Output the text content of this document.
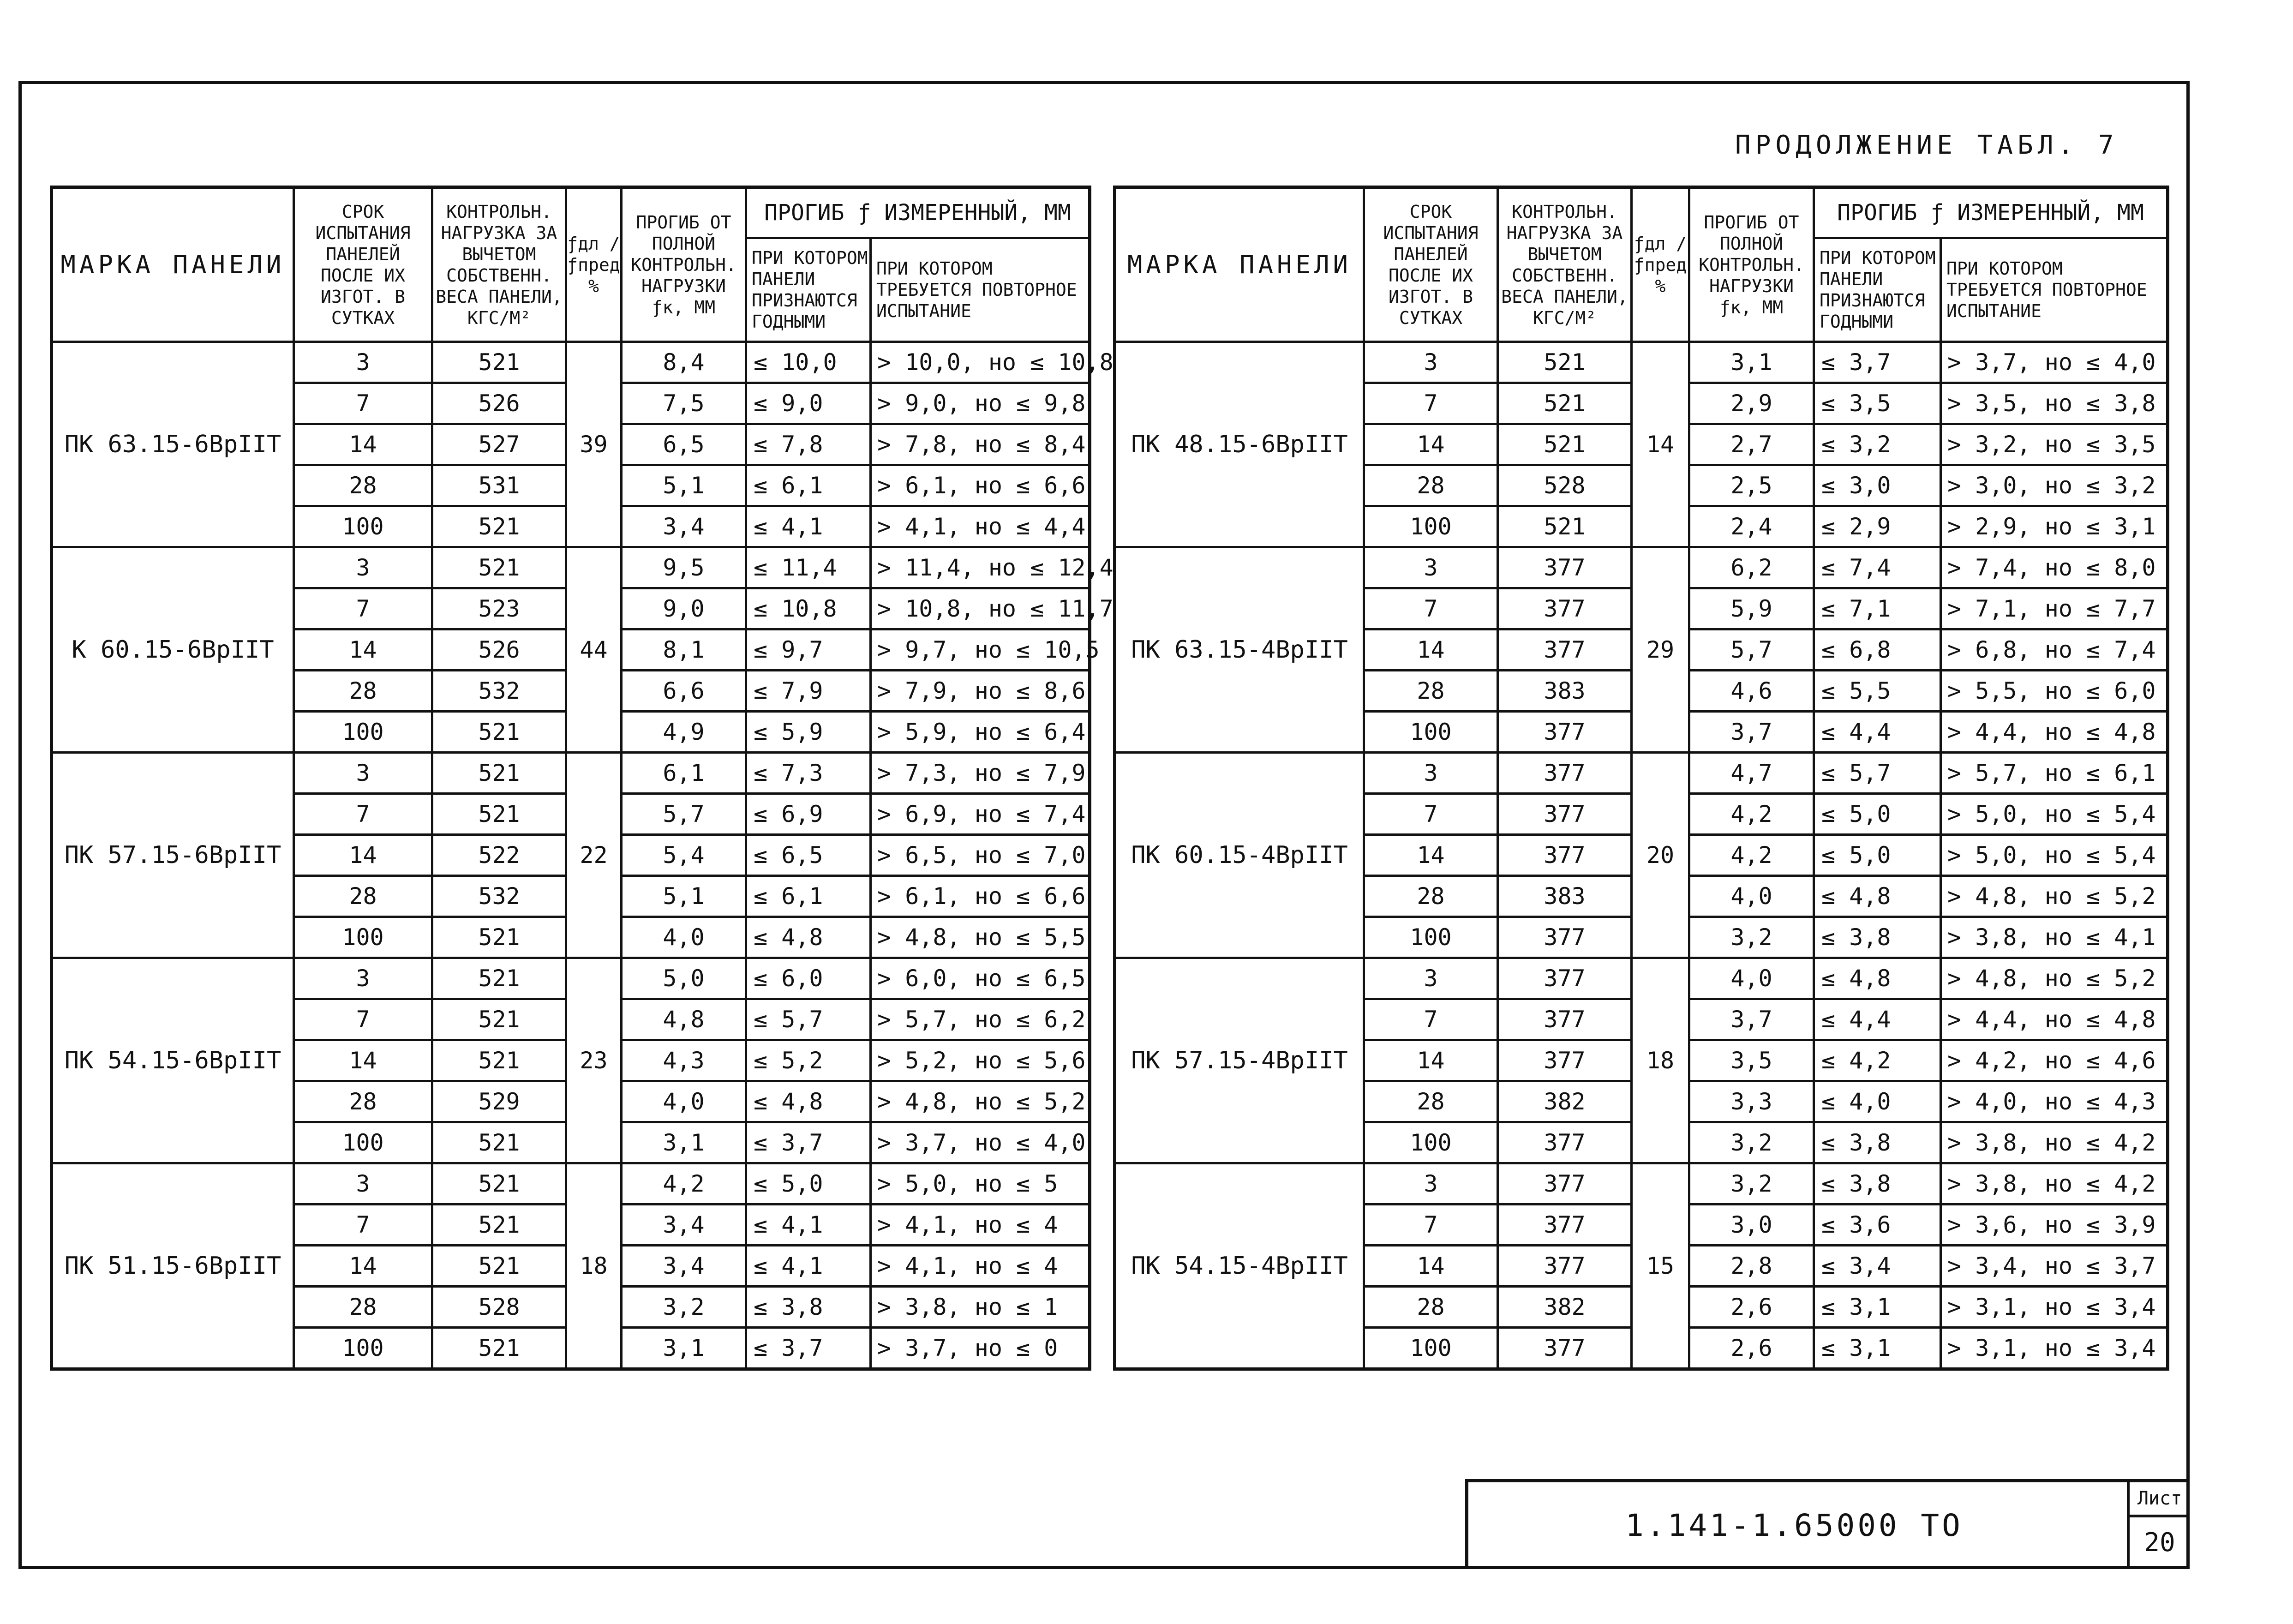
ПРОДОЛЖЕНИЕ ТАБЛ. 7
МАРКА ПАНЕЛИ	СРОК ИСПЫТАНИЯ ПАНЕЛЕЙ ПОСЛЕ ИХ ИЗГОТ. В СУТКАХ	КОНТРОЛЬН. НАГРУЗКА ЗА ВЫЧЕТОМ СОБСТВЕНН. ВЕСА ПАНЕЛИ, КГС/М²	ƒдл / ƒпред %	ПРОГИБ ОТ ПОЛНОЙ КОНТРОЛЬН. НАГРУЗКИ ƒк, ММ	ПРОГИБ ƒ ИЗМЕРЕННЫЙ, ММ	
					ПРИ КОТОРОМ ПАНЕЛИ ПРИЗНАЮТСЯ ГОДНЫМИ	ПРИ КОТОРОМ ТРЕБУЕТСЯ ПОВТОРНОЕ ИСПЫТАНИЕ
ПК 63.15-6ВрIIТ	3	521	39	8,4	≤ 10,0	> 10,0, но ≤ 10,8
	7	526		7,5	≤ 9,0	> 9,0, но ≤ 9,8
	14	527		6,5	≤ 7,8	> 7,8, но ≤ 8,4
	28	531		5,1	≤ 6,1	> 6,1, но ≤ 6,6
	100	521		3,4	≤ 4,1	> 4,1, но ≤ 4,4
К 60.15-6ВрIIТ	3	521	44	9,5	≤ 11,4	> 11,4, но ≤ 12,4
	7	523		9,0	≤ 10,8	> 10,8, но ≤ 11,7
	14	526		8,1	≤ 9,7	> 9,7, но ≤ 10,5
	28	532		6,6	≤ 7,9	> 7,9, но ≤ 8,6
	100	521		4,9	≤ 5,9	> 5,9, но ≤ 6,4
ПК 57.15-6ВрIIТ	3	521	22	6,1	≤ 7,3	> 7,3, но ≤ 7,9
	7	521		5,7	≤ 6,9	> 6,9, но ≤ 7,4
	14	522		5,4	≤ 6,5	> 6,5, но ≤ 7,0
	28	532		5,1	≤ 6,1	> 6,1, но ≤ 6,6
	100	521		4,0	≤ 4,8	> 4,8, но ≤ 5,5
ПК 54.15-6ВрIIТ	3	521	23	5,0	≤ 6,0	> 6,0, но ≤ 6,5
	7	521		4,8	≤ 5,7	> 5,7, но ≤ 6,2
	14	521		4,3	≤ 5,2	> 5,2, но ≤ 5,6
	28	529		4,0	≤ 4,8	> 4,8, но ≤ 5,2
	100	521		3,1	≤ 3,7	> 3,7, но ≤ 4,0
ПК 51.15-6ВрIIТ	3	521	18	4,2	≤ 5,0	> 5,0, но ≤ 5
	7	521		3,4	≤ 4,1	> 4,1, но ≤ 4
	14	521		3,4	≤ 4,1	> 4,1, но ≤ 4
	28	528		3,2	≤ 3,8	> 3,8, но ≤ 1
	100	521		3,1	≤ 3,7	> 3,7, но ≤ 0
МАРКА ПАНЕЛИ	СРОК ИСПЫТАНИЯ ПАНЕЛЕЙ ПОСЛЕ ИХ ИЗГОТ. В СУТКАХ	КОНТРОЛЬН. НАГРУЗКА ЗА ВЫЧЕТОМ СОБСТВЕНН. ВЕСА ПАНЕЛИ, КГС/М²	ƒдл / ƒпред %	ПРОГИБ ОТ ПОЛНОЙ КОНТРОЛЬН. НАГРУЗКИ ƒк, ММ	ПРОГИБ ƒ ИЗМЕРЕННЫЙ, ММ	
					ПРИ КОТОРОМ ПАНЕЛИ ПРИЗНАЮТСЯ ГОДНЫМИ	ПРИ КОТОРОМ ТРЕБУЕТСЯ ПОВТОРНОЕ ИСПЫТАНИЕ
ПК 48.15-6ВрIIТ	3	521	14	3,1	≤ 3,7	> 3,7, но ≤ 4,0
	7	521		2,9	≤ 3,5	> 3,5, но ≤ 3,8
	14	521		2,7	≤ 3,2	> 3,2, но ≤ 3,5
	28	528		2,5	≤ 3,0	> 3,0, но ≤ 3,2
	100	521		2,4	≤ 2,9	> 2,9, но ≤ 3,1
ПК 63.15-4ВрIIТ	3	377	29	6,2	≤ 7,4	> 7,4, но ≤ 8,0
	7	377		5,9	≤ 7,1	> 7,1, но ≤ 7,7
	14	377		5,7	≤ 6,8	> 6,8, но ≤ 7,4
	28	383		4,6	≤ 5,5	> 5,5, но ≤ 6,0
	100	377		3,7	≤ 4,4	> 4,4, но ≤ 4,8
ПК 60.15-4ВрIIТ	3	377	20	4,7	≤ 5,7	> 5,7, но ≤ 6,1
	7	377		4,2	≤ 5,0	> 5,0, но ≤ 5,4
	14	377		4,2	≤ 5,0	> 5,0, но ≤ 5,4
	28	383		4,0	≤ 4,8	> 4,8, но ≤ 5,2
	100	377		3,2	≤ 3,8	> 3,8, но ≤ 4,1
ПК 57.15-4ВрIIТ	3	377	18	4,0	≤ 4,8	> 4,8, но ≤ 5,2
	7	377		3,7	≤ 4,4	> 4,4, но ≤ 4,8
	14	377		3,5	≤ 4,2	> 4,2, но ≤ 4,6
	28	382		3,3	≤ 4,0	> 4,0, но ≤ 4,3
	100	377		3,2	≤ 3,8	> 3,8, но ≤ 4,2
ПК 54.15-4ВрIIТ	3	377	15	3,2	≤ 3,8	> 3,8, но ≤ 4,2
	7	377		3,0	≤ 3,6	> 3,6, но ≤ 3,9
	14	377		2,8	≤ 3,4	> 3,4, но ≤ 3,7
	28	382		2,6	≤ 3,1	> 3,1, но ≤ 3,4
	100	377		2,6	≤ 3,1	> 3,1, но ≤ 3,4
1.141-1.65000 ТО
Лист
20
